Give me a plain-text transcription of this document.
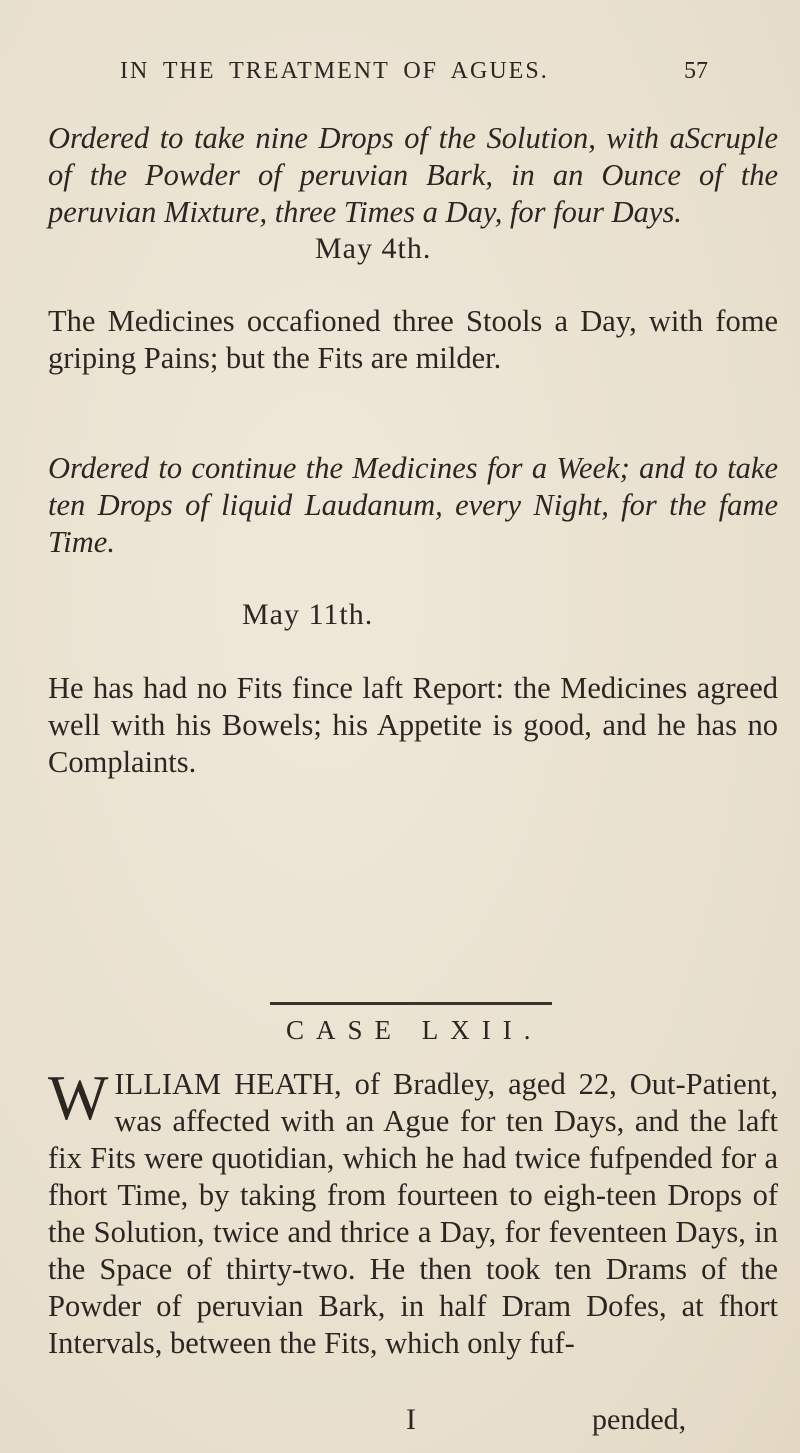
IN THE TREATMENT OF AGUES.	57
Ordered to take nine Drops of the Solution, with aScruple of the Powder of peruvian Bark, in an Ounce of the peruvian Mixture, three Times a Day, for four Days.
May 4th.
The Medicines occafioned three Stools a Day, with fome griping Pains; but the Fits are milder.
Ordered to continue the Medicines for a Week; and to take ten Drops of liquid Laudanum, every Night, for the fame Time.
May 11th.
He has had no Fits fince laft Report: the Medicines agreed well with his Bowels; his Appetite is good, and he has no Complaints.
CASE LXII.
WILLIAM HEATH, of Bradley, aged 22, Out-Patient, was affected with an Ague for ten Days, and the laft fix Fits were quotidian, which he had twice fufpended for a fhort Time, by taking from fourteen to eigh-teen Drops of the Solution, twice and thrice a Day, for feventeen Days, in the Space of thirty-two. He then took ten Drams of the Powder of peruvian Bark, in half Dram Dofes, at fhort Intervals, between the Fits, which only fuf-
I	pended,
